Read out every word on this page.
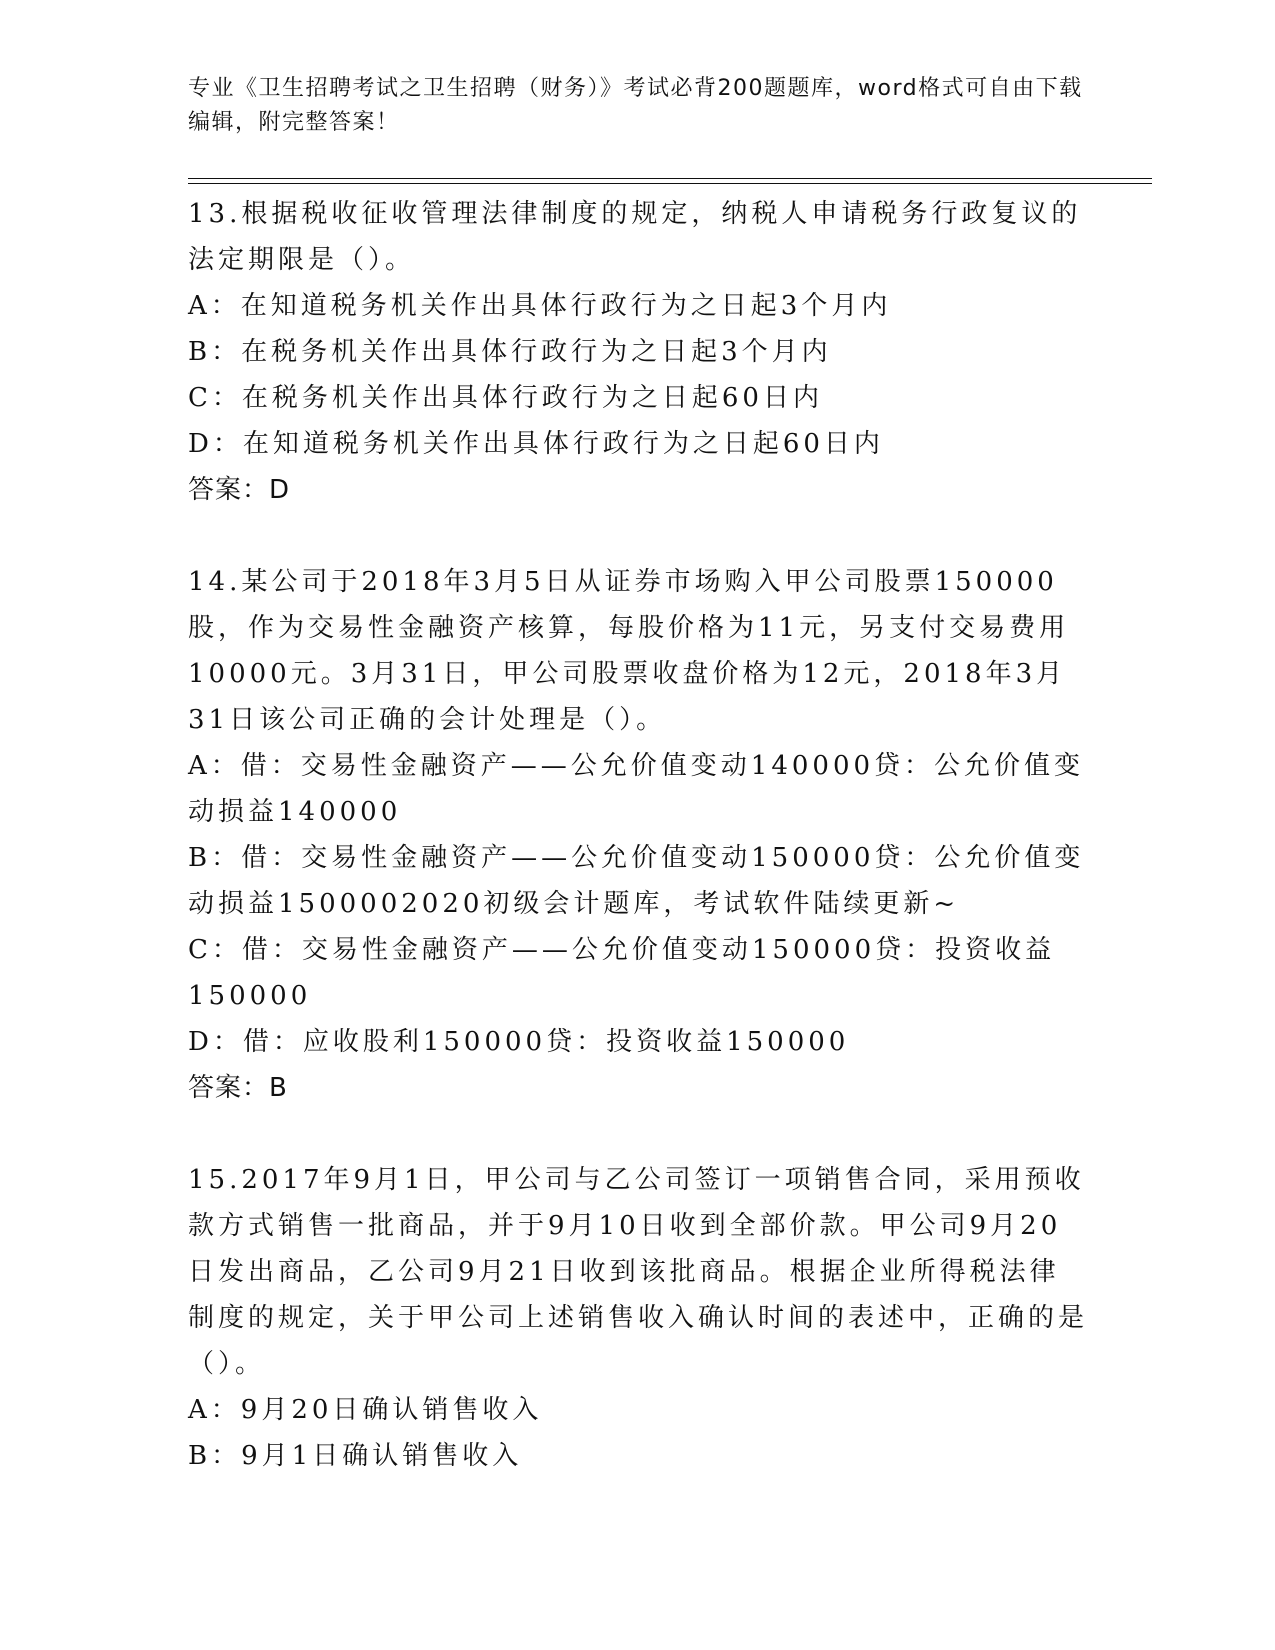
专业《卫生招聘考试之卫生招聘（财务）》考试必背200题题库，word格式可自由下载编辑，附完整答案！

13.根据税收征收管理法律制度的规定，纳税人申请税务行政复议的法定期限是（）。

A：在知道税务机关作出具体行政行为之日起3个月内

B：在税务机关作出具体行政行为之日起3个月内

C：在税务机关作出具体行政行为之日起60日内

D：在知道税务机关作出具体行政行为之日起60日内

答案：D

14.某公司于2018年3月5日从证券市场购入甲公司股票150000股，作为交易性金融资产核算，每股价格为11元，另支付交易费用10000元。3月31日，甲公司股票收盘价格为12元，2018年3月31日该公司正确的会计处理是（）。

A：借：交易性金融资产——公允价值变动140000贷：公允价值变动损益140000

B：借：交易性金融资产——公允价值变动150000贷：公允价值变动损益1500002020初级会计题库，考试软件陆续更新~

C：借：交易性金融资产——公允价值变动150000贷：投资收益150000

D：借：应收股利150000贷：投资收益150000

答案：B

15.2017年9月1日，甲公司与乙公司签订一项销售合同，采用预收款方式销售一批商品，并于9月10日收到全部价款。甲公司9月20日发出商品，乙公司9月21日收到该批商品。根据企业所得税法律制度的规定，关于甲公司上述销售收入确认时间的表述中，正确的是（）。

A：9月20日确认销售收入

B：9月1日确认销售收入
